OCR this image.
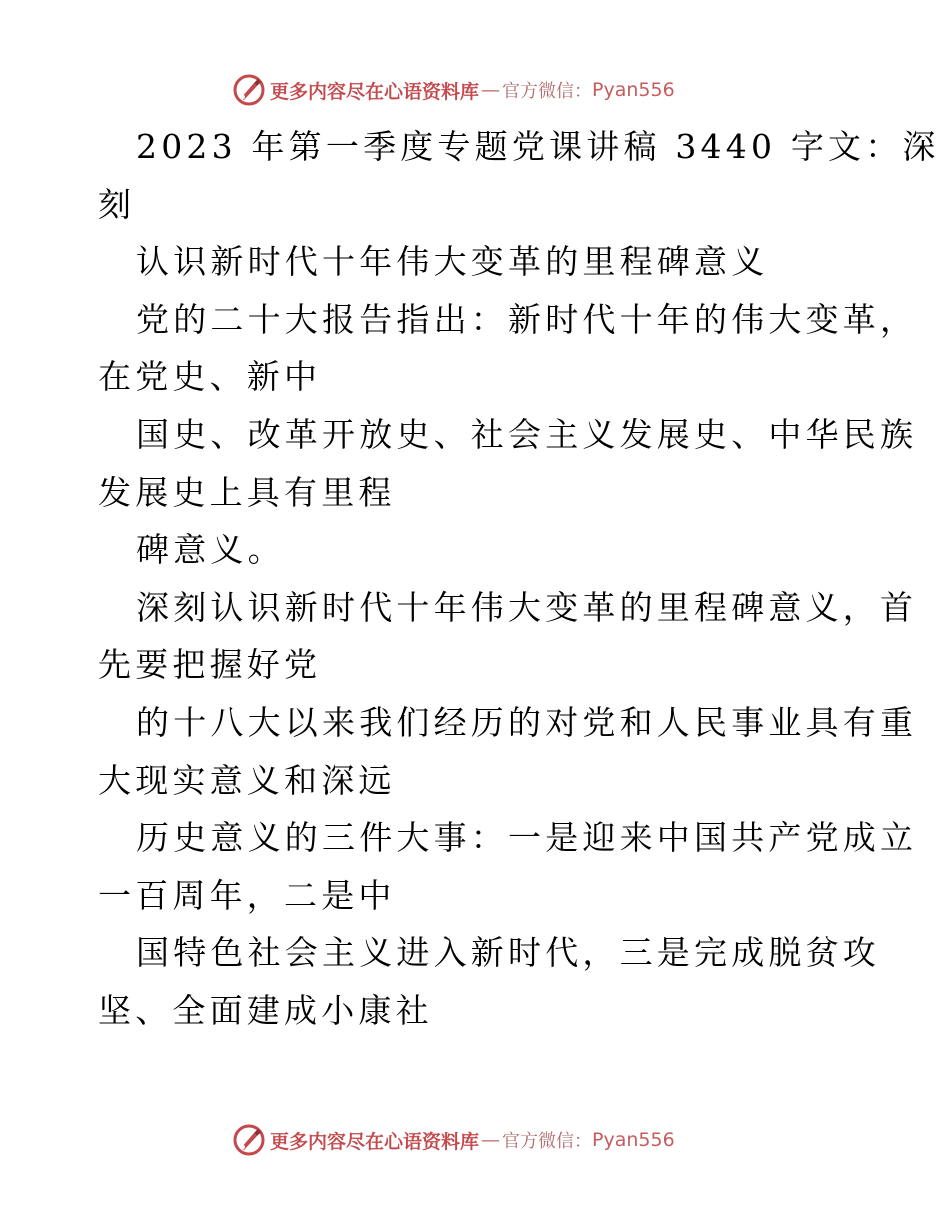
更多内容尽在心语资料库 — 官方微信： Pyan556
2023 年第一季度专题党课讲稿 3440 字文：深
刻
认识新时代十年伟大变革的里程碑意义
党的二十大报告指出：新时代十年的伟大变革，
在党史、新中
国史、改革开放史、社会主义发展史、中华民族
发展史上具有里程
碑意义。
深刻认识新时代十年伟大变革的里程碑意义，首
先要把握好党
的十八大以来我们经历的对党和人民事业具有重
大现实意义和深远
历史意义的三件大事：一是迎来中国共产党成立
一百周年，二是中
国特色社会主义进入新时代，三是完成脱贫攻
坚、全面建成小康社
更多内容尽在心语资料库 — 官方微信： Pyan556
